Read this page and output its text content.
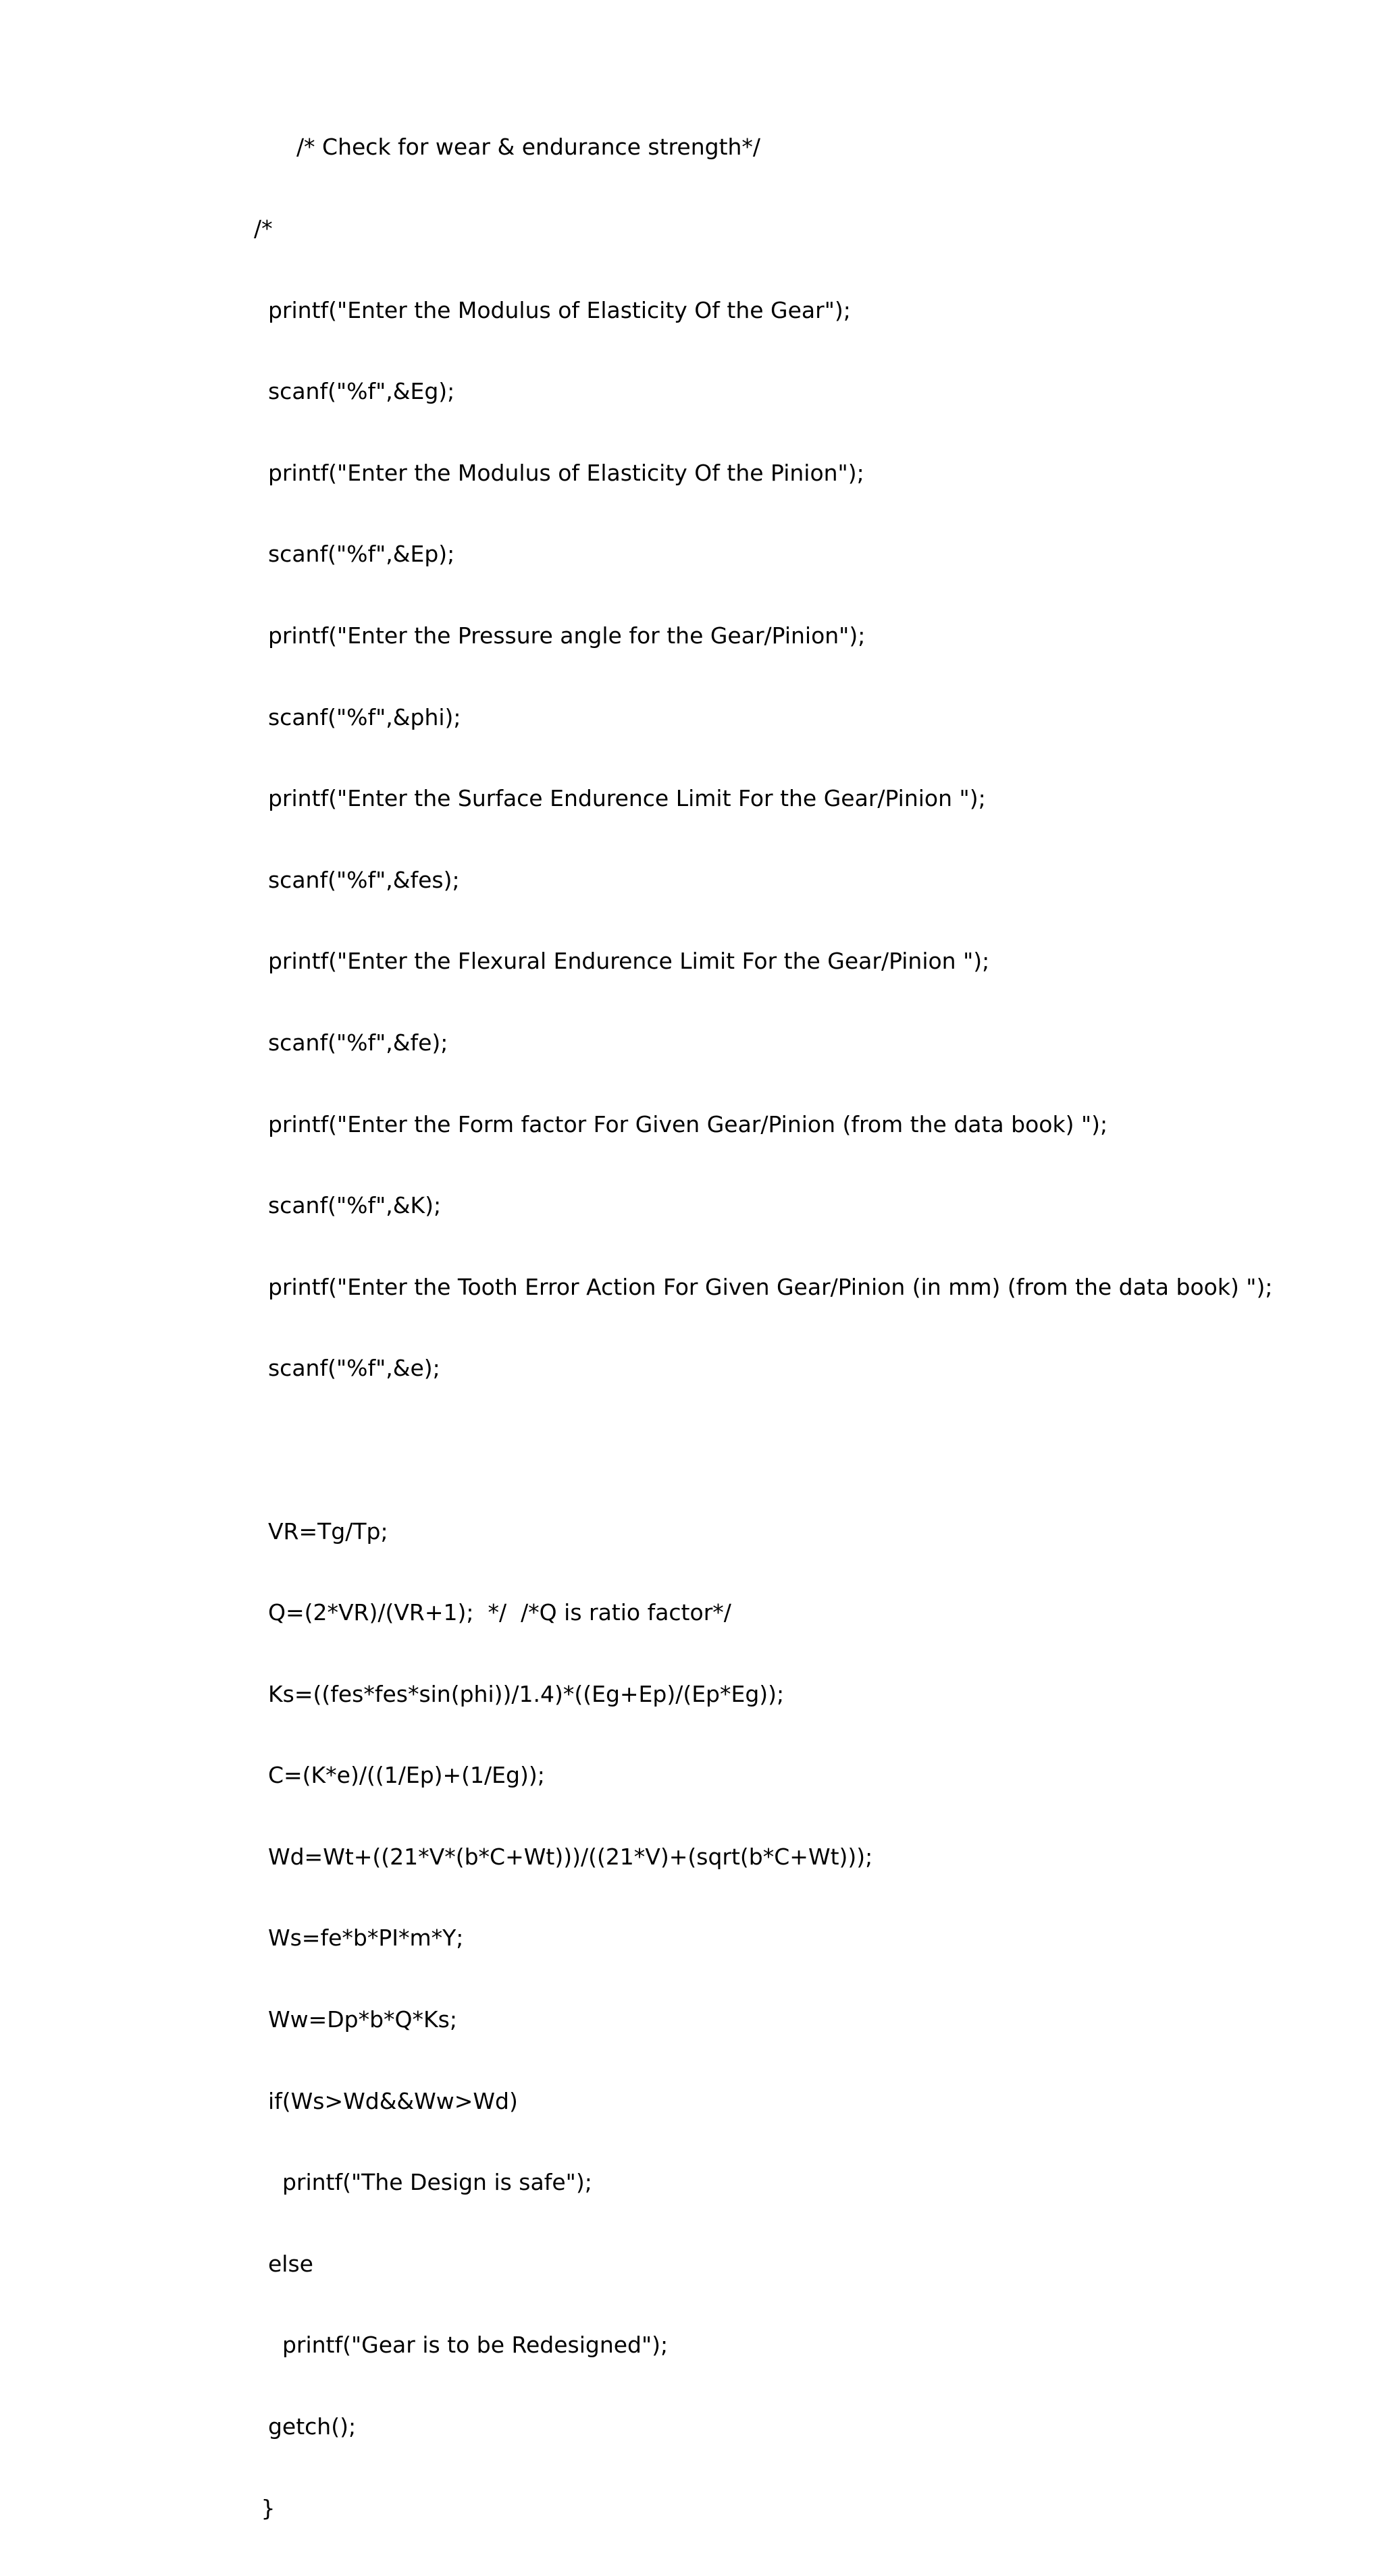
/* Check for wear & endurance strength*/

/*

printf("Enter the Modulus of Elasticity Of the Gear");

scanf("%f",&Eg);

printf("Enter the Modulus of Elasticity Of the Pinion");

scanf("%f",&Ep);

printf("Enter the Pressure angle for the Gear/Pinion");

scanf("%f",&phi);

printf("Enter the Surface Endurence Limit For the Gear/Pinion ");

scanf("%f",&fes);

printf("Enter the Flexural Endurence Limit For the Gear/Pinion ");

scanf("%f",&fe);

printf("Enter the Form factor For Given Gear/Pinion (from the data book) ");

scanf("%f",&K);

printf("Enter the Tooth Error Action For Given Gear/Pinion (in mm) (from the data book) ");

scanf("%f",&e);

VR=Tg/Tp;

Q=(2*VR)/(VR+1);  */  /*Q is ratio factor*/

Ks=((fes*fes*sin(phi))/1.4)*((Eg+Ep)/(Ep*Eg));

C=(K*e)/((1/Ep)+(1/Eg));

Wd=Wt+((21*V*(b*C+Wt)))/((21*V)+(sqrt(b*C+Wt)));

Ws=fe*b*PI*m*Y;

Ww=Dp*b*Q*Ks;

if(Ws>Wd&&Ww>Wd)

printf("The Design is safe");

else

printf("Gear is to be Redesigned");

getch();

}
